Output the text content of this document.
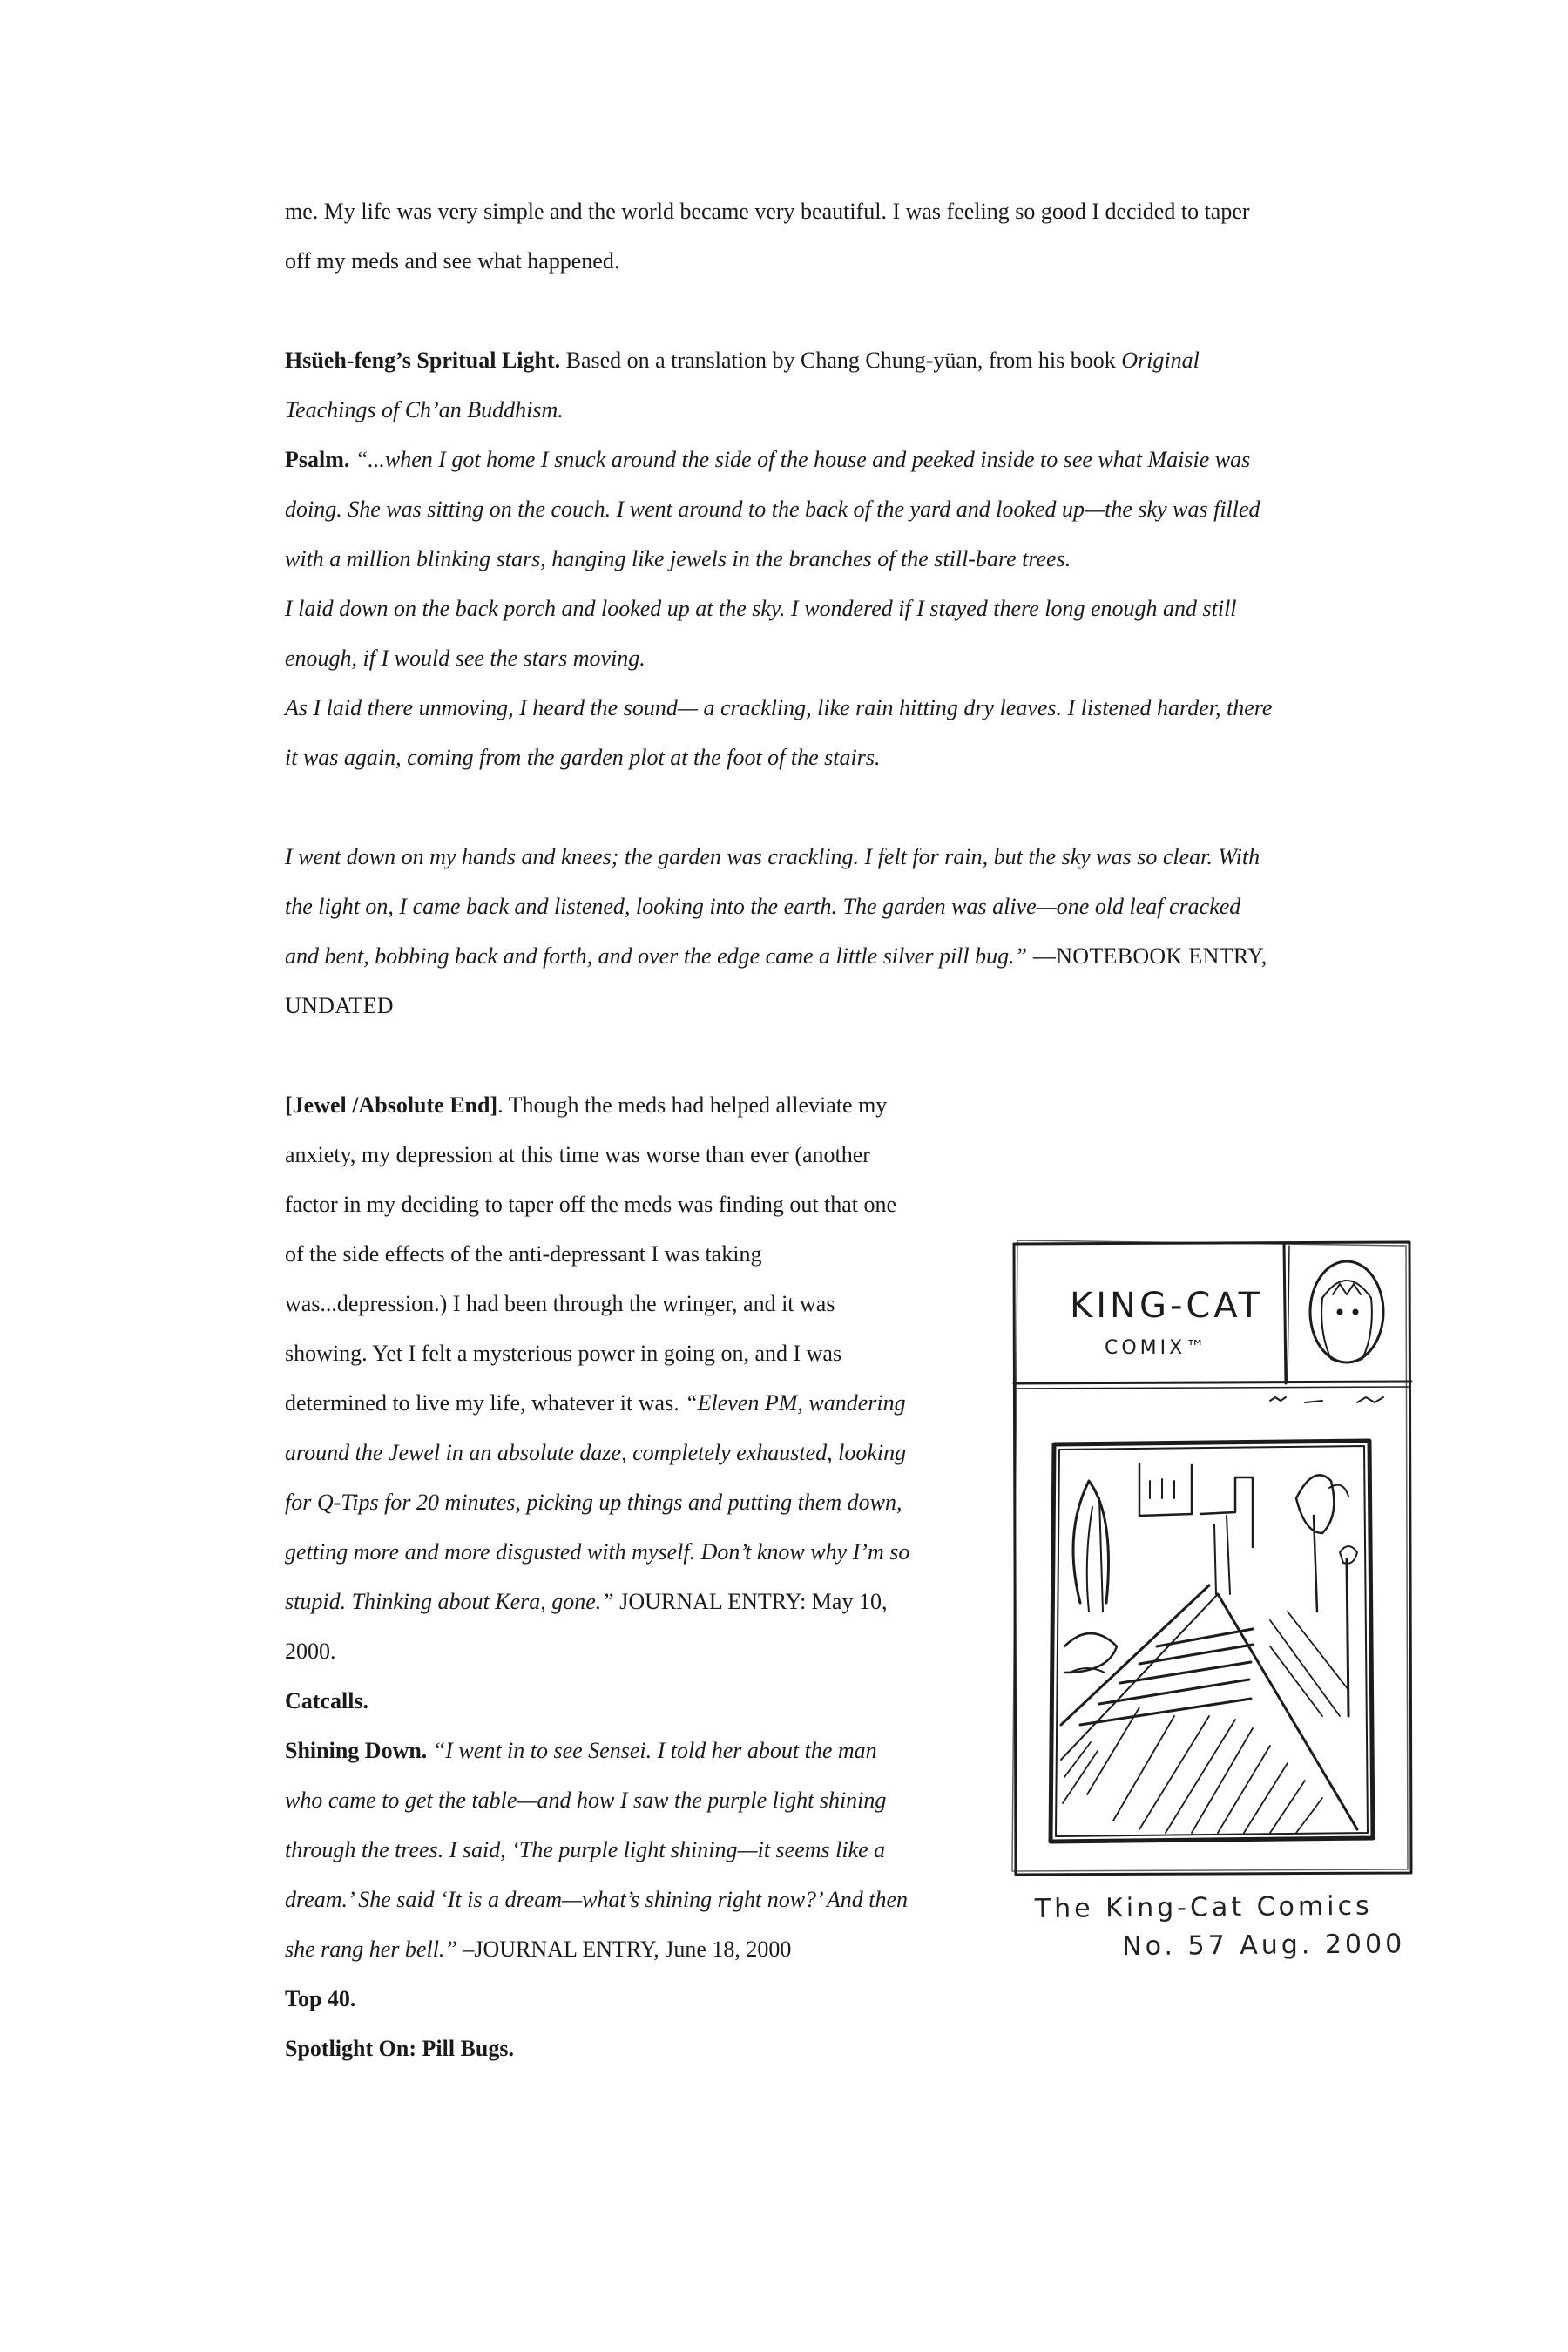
me. My life was very simple and the world became very beautiful. I was feeling so good I decided to taper off my meds and see what happened.

Hsüeh-feng’s Spritual Light. Based on a translation by Chang Chung-yüan, from his book Original Teachings of Ch’an Buddhism.

Psalm. “...when I got home I snuck around the side of the house and peeked inside to see what Maisie was doing. She was sitting on the couch. I went around to the back of the yard and looked up—the sky was filled with a million blinking stars, hanging like jewels in the branches of the still-bare trees.

I laid down on the back porch and looked up at the sky. I wondered if I stayed there long enough and still enough, if I would see the stars moving.

As I laid there unmoving, I heard the sound— a crackling, like rain hitting dry leaves. I listened harder, there it was again, coming from the garden plot at the foot of the stairs.

I went down on my hands and knees; the garden was crackling. I felt for rain, but the sky was so clear. With the light on, I came back and listened, looking into the earth. The garden was alive—one old leaf cracked and bent, bobbing back and forth, and over the edge came a little silver pill bug.” —NOTEBOOK ENTRY, UNDATED

[Jewel /Absolute End]. Though the meds had helped alleviate my anxiety, my depression at this time was worse than ever (another factor in my deciding to taper off the meds was finding out that one of the side effects of the anti-depressant I was taking was...depression.) I had been through the wringer, and it was showing. Yet I felt a mysterious power in going on, and I was determined to live my life, whatever it was. “Eleven PM, wandering around the Jewel in an absolute daze, completely exhausted, looking for Q-Tips for 20 minutes, picking up things and putting them down, getting more and more disgusted with myself. Don’t know why I’m so stupid. Thinking about Kera, gone.” JOURNAL ENTRY: May 10, 2000.

Catcalls.

Shining Down. “I went in to see Sensei. I told her about the man who came to get the table—and how I saw the purple light shining through the trees. I said, ‘The purple light shining—it seems like a dream.’ She said ‘It is a dream—what’s shining right now?’ And then she rang her bell.” –JOURNAL ENTRY, June 18, 2000

Top 40.

Spotlight On: Pill Bugs.

KING-CAT
COMIX™
The King-Cat Comics
No. 57 Aug. 2000
